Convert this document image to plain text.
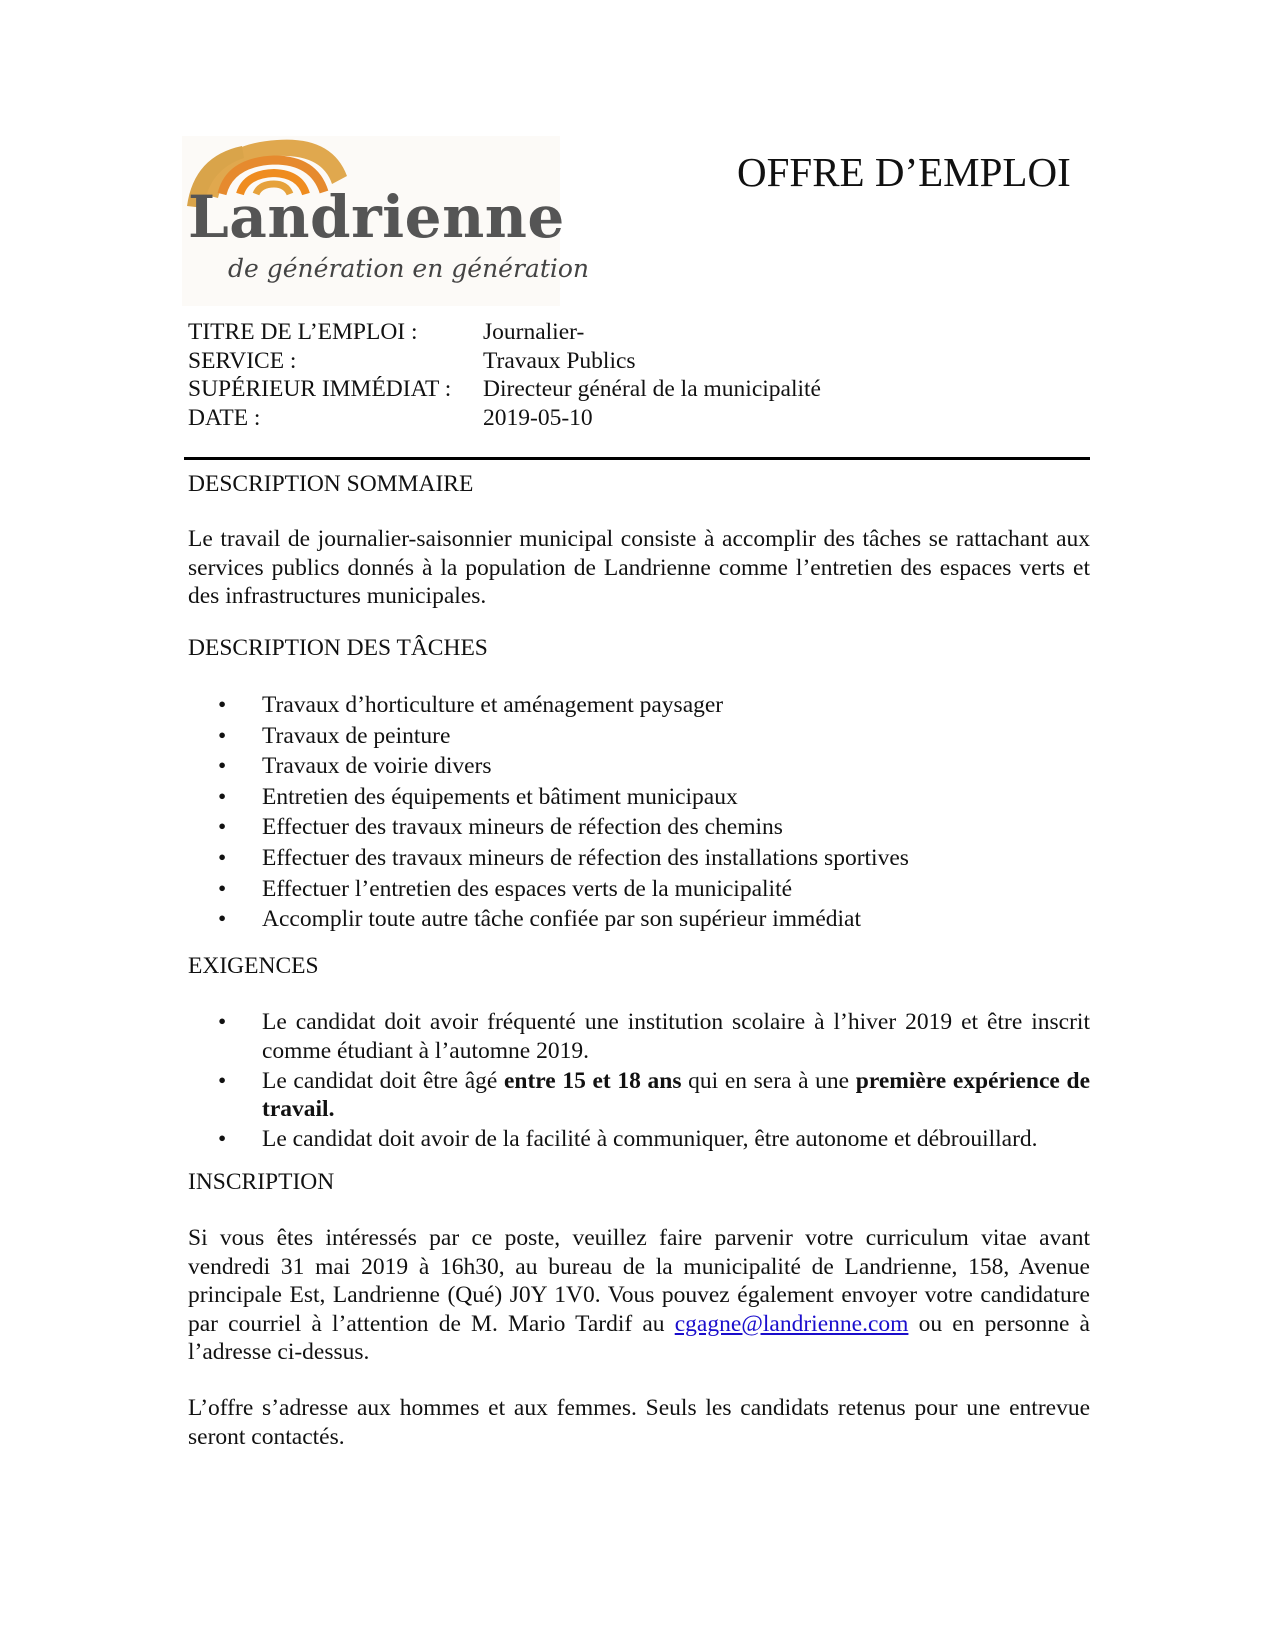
Landrienne
de génération en génération
OFFRE D’EMPLOI
TITRE DE L’EMPLOI :	Journalier-
SERVICE :	Travaux Publics
SUPÉRIEUR IMMÉDIAT :	Directeur général de la municipalité
DATE :	2019-05-10
DESCRIPTION SOMMAIRE

Le travail de journalier-saisonnier municipal consiste à accomplir des tâches se rattachant aux services publics donnés à la population de Landrienne comme l’entretien des espaces verts et des infrastructures municipales.

DESCRIPTION DES TÂCHES
• Travaux d’horticulture et aménagement paysager
• Travaux de peinture
• Travaux de voirie divers
• Entretien des équipements et bâtiment municipaux
• Effectuer des travaux mineurs de réfection des chemins
• Effectuer des travaux mineurs de réfection des installations sportives
• Effectuer l’entretien des espaces verts de la municipalité
• Accomplir toute autre tâche confiée par son supérieur immédiat
EXIGENCES
• Le candidat doit avoir fréquenté une institution scolaire à l’hiver 2019 et être inscrit comme étudiant à l’automne 2019.
• Le candidat doit être âgé entre 15 et 18 ans qui en sera à une première expérience de travail.
• Le candidat doit avoir de la facilité à communiquer, être autonome et débrouillard.
INSCRIPTION

Si vous êtes intéressés par ce poste, veuillez faire parvenir votre curriculum vitae avant vendredi 31 mai 2019 à 16h30, au bureau de la municipalité de Landrienne, 158, Avenue principale Est, Landrienne (Qué) J0Y 1V0. Vous pouvez également envoyer votre candidature par courriel à l’attention de M. Mario Tardif au cgagne@landrienne.com ou en personne à l’adresse ci-dessus.

L’offre s’adresse aux hommes et aux femmes. Seuls les candidats retenus pour une entrevue seront contactés.
